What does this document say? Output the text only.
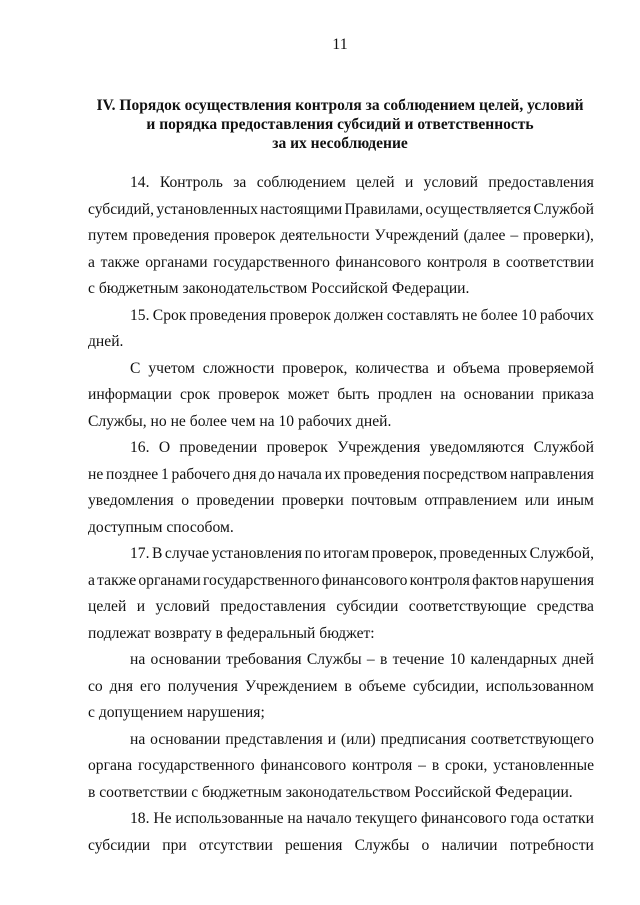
11
IV. Порядок осуществления контроля за соблюдением целей, условий
и порядка предоставления субсидий и ответственность
за их несоблюдение
14. Контроль за соблюдением целей и условий предоставления
субсидий, установленных настоящими Правилами, осуществляется Службой
путем проведения проверок деятельности Учреждений (далее – проверки),
а также органами государственного финансового контроля в соответствии
с бюджетным законодательством Российской Федерации.
15. Срок проведения проверок должен составлять не более 10 рабочих
дней.
С учетом сложности проверок, количества и объема проверяемой
информации срок проверок может быть продлен на основании приказа
Службы, но не более чем на 10 рабочих дней.
16. О проведении проверок Учреждения уведомляются Службой
не позднее 1 рабочего дня до начала их проведения посредством направления
уведомления о проведении проверки почтовым отправлением или иным
доступным способом.
17. В случае установления по итогам проверок, проведенных Службой,
а также органами государственного финансового контроля фактов нарушения
целей и условий предоставления субсидии соответствующие средства
подлежат возврату в федеральный бюджет:
на основании требования Службы – в течение 10 календарных дней
со дня его получения Учреждением в объеме субсидии, использованном
с допущением нарушения;
на основании представления и (или) предписания соответствующего
органа государственного финансового контроля – в сроки, установленные
в соответствии с бюджетным законодательством Российской Федерации.
18. Не использованные на начало текущего финансового года остатки
субсидии при отсутствии решения Службы о наличии потребности
